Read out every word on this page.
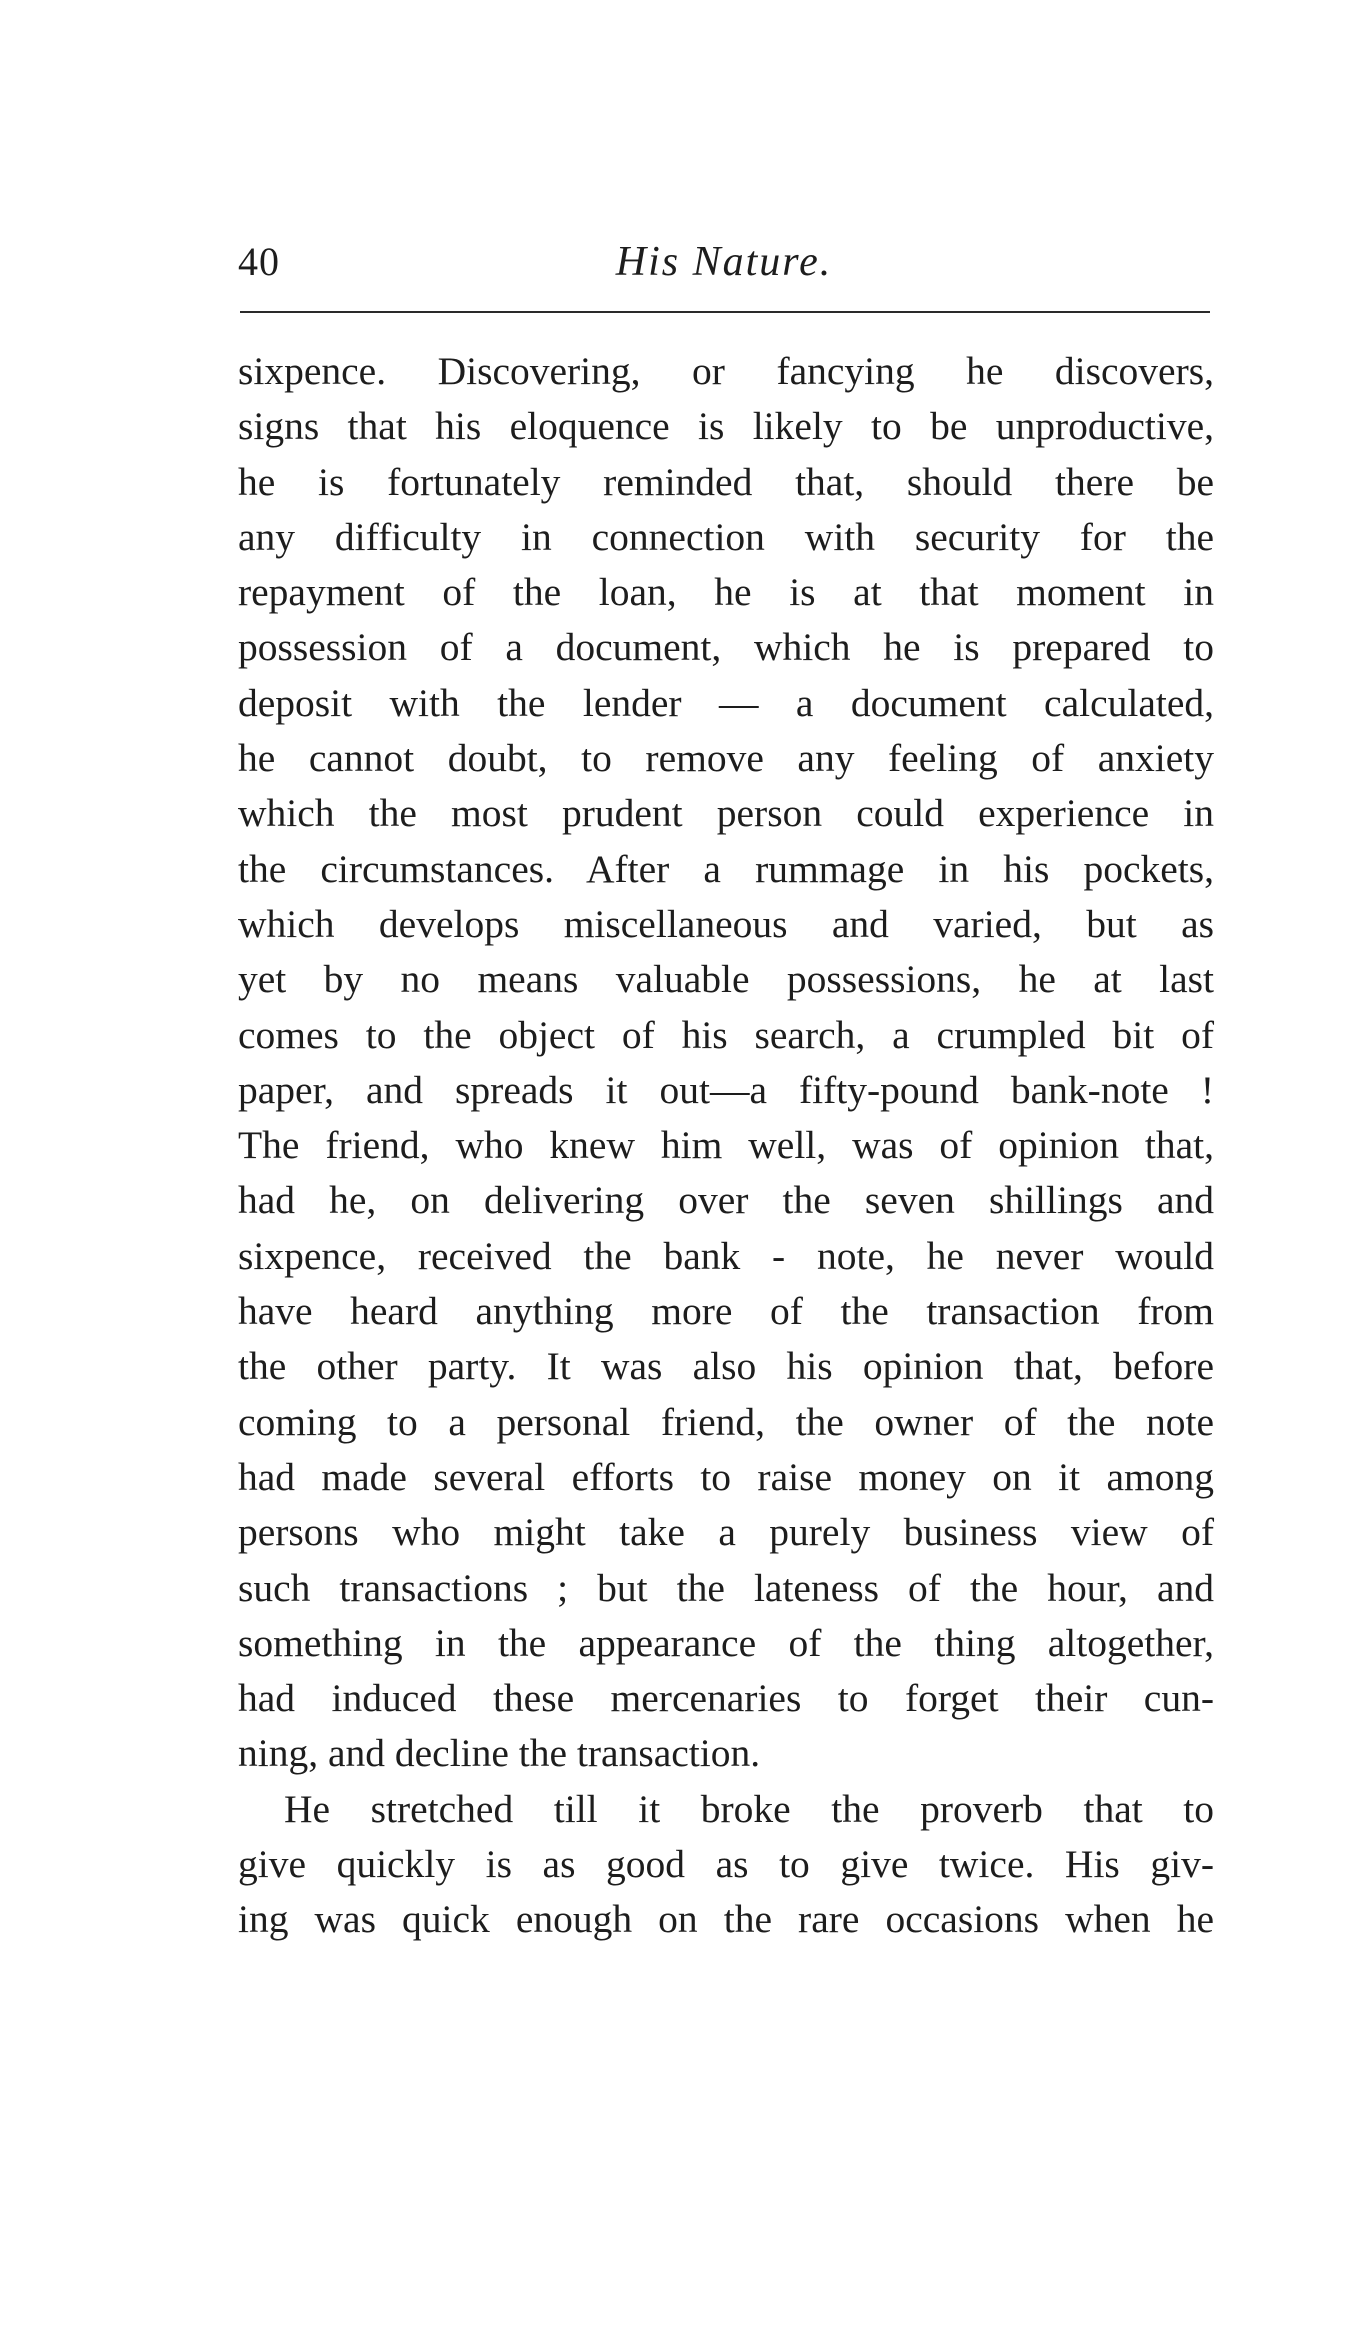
40	His Nature.
sixpence. Discovering, or fancying he discovers,
signs that his eloquence is likely to be unproductive,
he is fortunately reminded that, should there be
any difficulty in connection with security for the
repayment of the loan, he is at that moment in
possession of a document, which he is prepared to
deposit with the lender — a document calculated,
he cannot doubt, to remove any feeling of anxiety
which the most prudent person could experience in
the circumstances. After a rummage in his pockets,
which develops miscellaneous and varied, but as
yet by no means valuable possessions, he at last
comes to the object of his search, a crumpled bit of
paper, and spreads it out—a fifty-pound bank-note !
The friend, who knew him well, was of opinion that,
had he, on delivering over the seven shillings and
sixpence, received the bank - note, he never would
have heard anything more of the transaction from
the other party. It was also his opinion that, before
coming to a personal friend, the owner of the note
had made several efforts to raise money on it among
persons who might take a purely business view of
such transactions ; but the lateness of the hour, and
something in the appearance of the thing altogether,
had induced these mercenaries to forget their cun-
ning, and decline the transaction.
He stretched till it broke the proverb that to
give quickly is as good as to give twice. His giv-
ing was quick enough on the rare occasions when he
